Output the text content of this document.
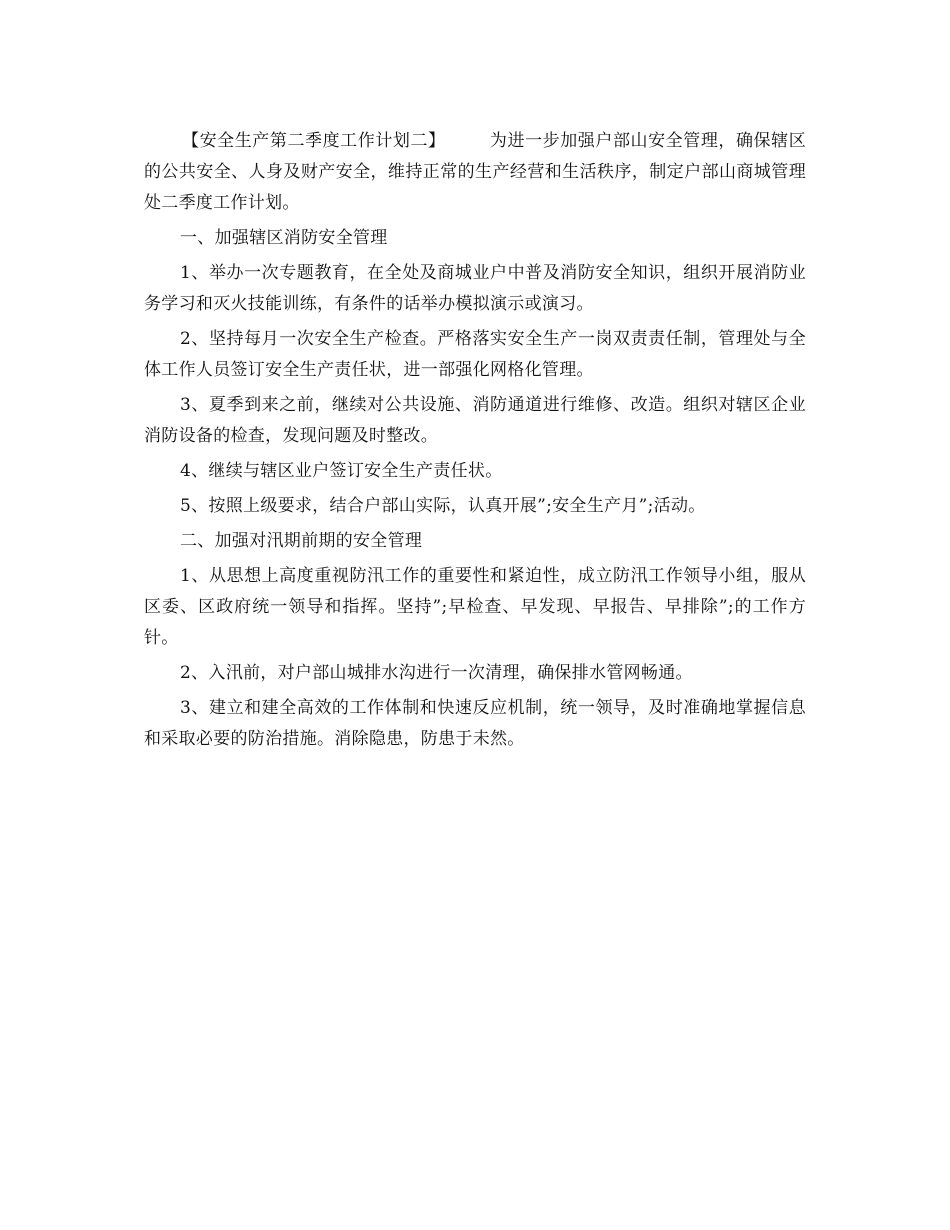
【安全生产第二季度工作计划二】	为进一步加强户部山安全管理，确保辖区的公共安全、人身及财产安全，维持正常的生产经营和生活秩序，制定户部山商城管理处二季度工作计划。

一、加强辖区消防安全管理

1、举办一次专题教育，在全处及商城业户中普及消防安全知识，组织开展消防业务学习和灭火技能训练，有条件的话举办模拟演示或演习。

2、坚持每月一次安全生产检查。严格落实安全生产一岗双责责任制，管理处与全体工作人员签订安全生产责任状，进一部强化网格化管理。

3、夏季到来之前，继续对公共设施、消防通道进行维修、改造。组织对辖区企业消防设备的检查，发现问题及时整改。

4、继续与辖区业户签订安全生产责任状。

5、按照上级要求，结合户部山实际，认真开展”;安全生产月”;活动。

二、加强对汛期前期的安全管理

1、从思想上高度重视防汛工作的重要性和紧迫性，成立防汛工作领导小组，服从区委、区政府统一领导和指挥。坚持”;早检查、早发现、早报告、早排除”;的工作方针。

2、入汛前，对户部山城排水沟进行一次清理，确保排水管网畅通。

3、建立和建全高效的工作体制和快速反应机制，统一领导，及时准确地掌握信息和采取必要的防治措施。消除隐患，防患于未然。
